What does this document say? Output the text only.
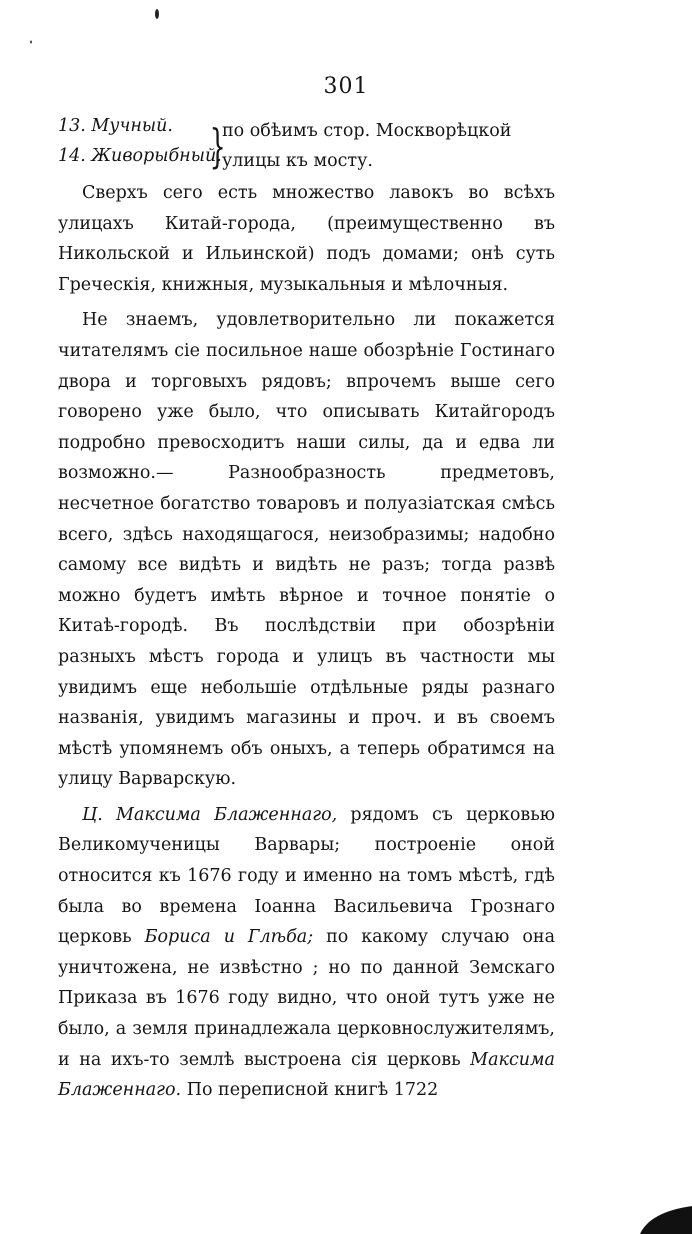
301
13. Мучный.
14. Живорыбный.
}
по обѣимъ стор. Москворѣцкой
улицы къ мосту.

Сверхъ сего есть множество лавокъ во всѣхъ улицахъ Китай-города, (преимущественно въ Никольской и Ильинской) подъ домами; онѣ суть Греческія, книжныя, музыкальныя и мѣлочныя.

Не знаемъ, удовлетворительно ли покажется читателямъ сіе посильное наше обозрѣніе Гостинаго двора и торговыхъ рядовъ; впрочемъ выше сего говорено уже было, что описывать Китайгородъ подробно превосходитъ наши силы, да и едва ли возможно.— Разнообразность предметовъ, несчетное богатство товаровъ и полуазіатская смѣсь всего, здѣсь находящагося, неизобразимы; надобно самому все видѣть и видѣть не разъ; тогда развѣ можно будетъ имѣть вѣрное и точное понятіе о Китаѣ-городѣ. Въ послѣдствіи при обозрѣніи разныхъ мѣстъ города и улицъ въ частности мы увидимъ еще небольшіе отдѣльные ряды разнаго названія, увидимъ магазины и проч. и въ своемъ мѣстѣ упомянемъ объ оныхъ, а теперь обратимся на улицу Варварскую.

Ц. Максима Блаженнаго, рядомъ съ церковью Великомученицы Варвары; построеніе оной относится къ 1676 году и именно на томъ мѣстѣ, гдѣ была во времена Іоанна Васильевича Грознаго церковь Бориса и Глѣба; по какому случаю она уничтожена, не извѣстно ; но по данной Земскаго Приказа въ 1676 году видно, что оной тутъ уже не было, а земля принадлежала церковнослужителямъ, и на ихъ-то землѣ выстроена сія церковь Максима Блаженнаго. По переписной книгѣ 1722
